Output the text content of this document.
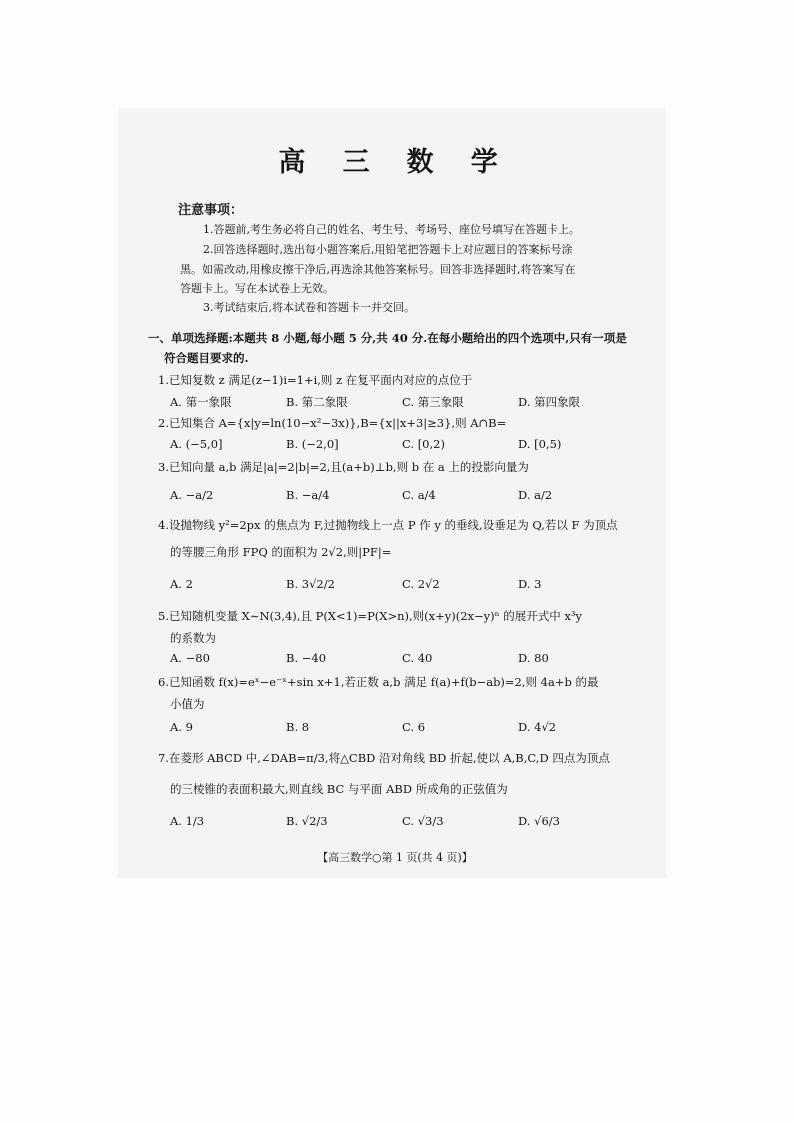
高 三 数 学
注意事项：
1.答题前,考生务必将自己的姓名、考生号、考场号、座位号填写在答题卡上。
2.回答选择题时,选出每小题答案后,用铅笔把答题卡上对应题目的答案标号涂
黑。如需改动,用橡皮擦干净后,再选涂其他答案标号。回答非选择题时,将答案写在
答题卡上。写在本试卷上无效。
3.考试结束后,将本试卷和答题卡一并交回。
一、单项选择题:本题共 8 小题,每小题 5 分,共 40 分.在每小题给出的四个选项中,只有一项是
符合题目要求的.
1.已知复数 z 满足(z−1)i=1+i,则 z 在复平面内对应的点位于
A. 第一象限	B. 第二象限	C. 第三象限	D. 第四象限
2.已知集合 A={x|y=ln(10−x²−3x)},B={x||x+3|≥3},则 A∩B=
A. (−5,0]	B. (−2,0]	C. [0,2)	D. [0,5)
3.已知向量 a,b 满足|a|=2|b|=2,且(a+b)⊥b,则 b 在 a 上的投影向量为
A. −a/2	B. −a/4	C. a/4	D. a/2
4.设抛物线 y²=2px 的焦点为 F,过抛物线上一点 P 作 y 的垂线,设垂足为 Q,若以 F 为顶点
的等腰三角形 FPQ 的面积为 2√2,则|PF|=
A. 2	B. 3√2/2	C. 2√2	D. 3
5.已知随机变量 X∼N(3,4),且 P(X<1)=P(X>n),则(x+y)(2x−y)ⁿ 的展开式中 x³y
的系数为
A. −80	B. −40	C. 40	D. 80
6.已知函数 f(x)=eˣ−e⁻ˣ+sin x+1,若正数 a,b 满足 f(a)+f(b−ab)=2,则 4a+b 的最
小值为
A. 9	B. 8	C. 6	D. 4√2
7.在菱形 ABCD 中,∠DAB=π/3,将△CBD 沿对角线 BD 折起,使以 A,B,C,D 四点为顶点
的三棱锥的表面积最大,则直线 BC 与平面 ABD 所成角的正弦值为
A. 1/3	B. √2/3	C. √3/3	D. √6/3
【高三数学○第 1 页(共 4 页)】
